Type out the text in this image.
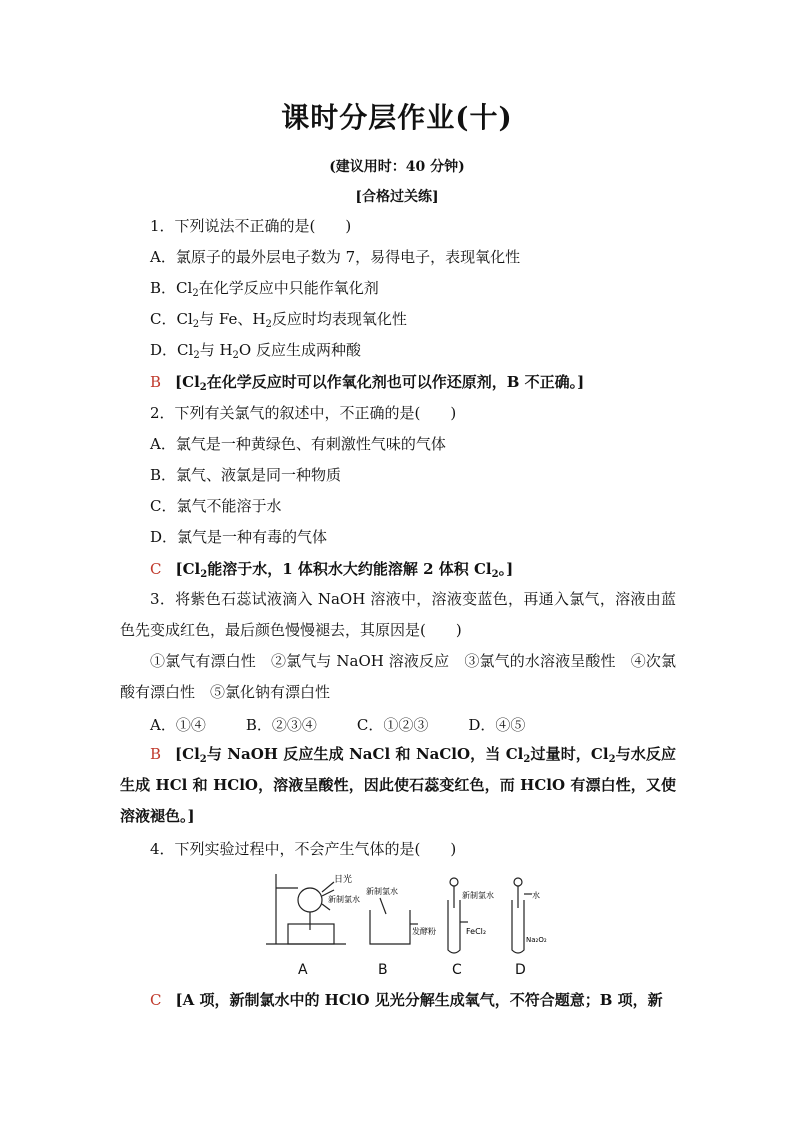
课时分层作业(十)
(建议用时：40 分钟)
[合格过关练]
1．下列说法不正确的是(　　)
A．氯原子的最外层电子数为 7，易得电子，表现氧化性
B．$Cl_2$在化学反应中只能作氧化剂
C．$Cl_2$与 Fe、$H_2$反应时均表现氧化性
D．$Cl_2$与 $H_2O$ 反应生成两种酸
B [$Cl_2$在化学反应时可以作氧化剂也可以作还原剂，B 不正确。]
2．下列有关氯气的叙述中，不正确的是(　　)
A．氯气是一种黄绿色、有刺激性气味的气体
B．氯气、液氯是同一种物质
C．氯气不能溶于水
D．氯气是一种有毒的气体
C [$Cl_2$能溶于水，1 体积水大约能溶解 2 体积 $Cl_2$。]
3．将紫色石蕊试液滴入 NaOH 溶液中，溶液变蓝色，再通入氯气，溶液由蓝色先变成红色，最后颜色慢慢褪去，其原因是(　　)
①氯气有漂白性　②氯气与 NaOH 溶液反应　③氯气的水溶液呈酸性　④次氯酸有漂白性　⑤氯化钠有漂白性
A．①④	B．②③④	C．①②③	D．④⑤
B [$Cl_2$与 NaOH 反应生成 NaCl 和 NaClO，当 $Cl_2$过量时，$Cl_2$与水反应生成 HCl 和 HClO，溶液呈酸性，因此使石蕊变红色，而 HClO 有漂白性，又使溶液褪色。]
4．下列实验过程中，不会产生气体的是(　　)
日光
新制氯水
新制氯水
发酵粉
新制氯水
FeCl₂
水
Na₂O₂
A	B	C	D
C [A 项，新制氯水中的 HClO 见光分解生成氧气，不符合题意；B 项，新
